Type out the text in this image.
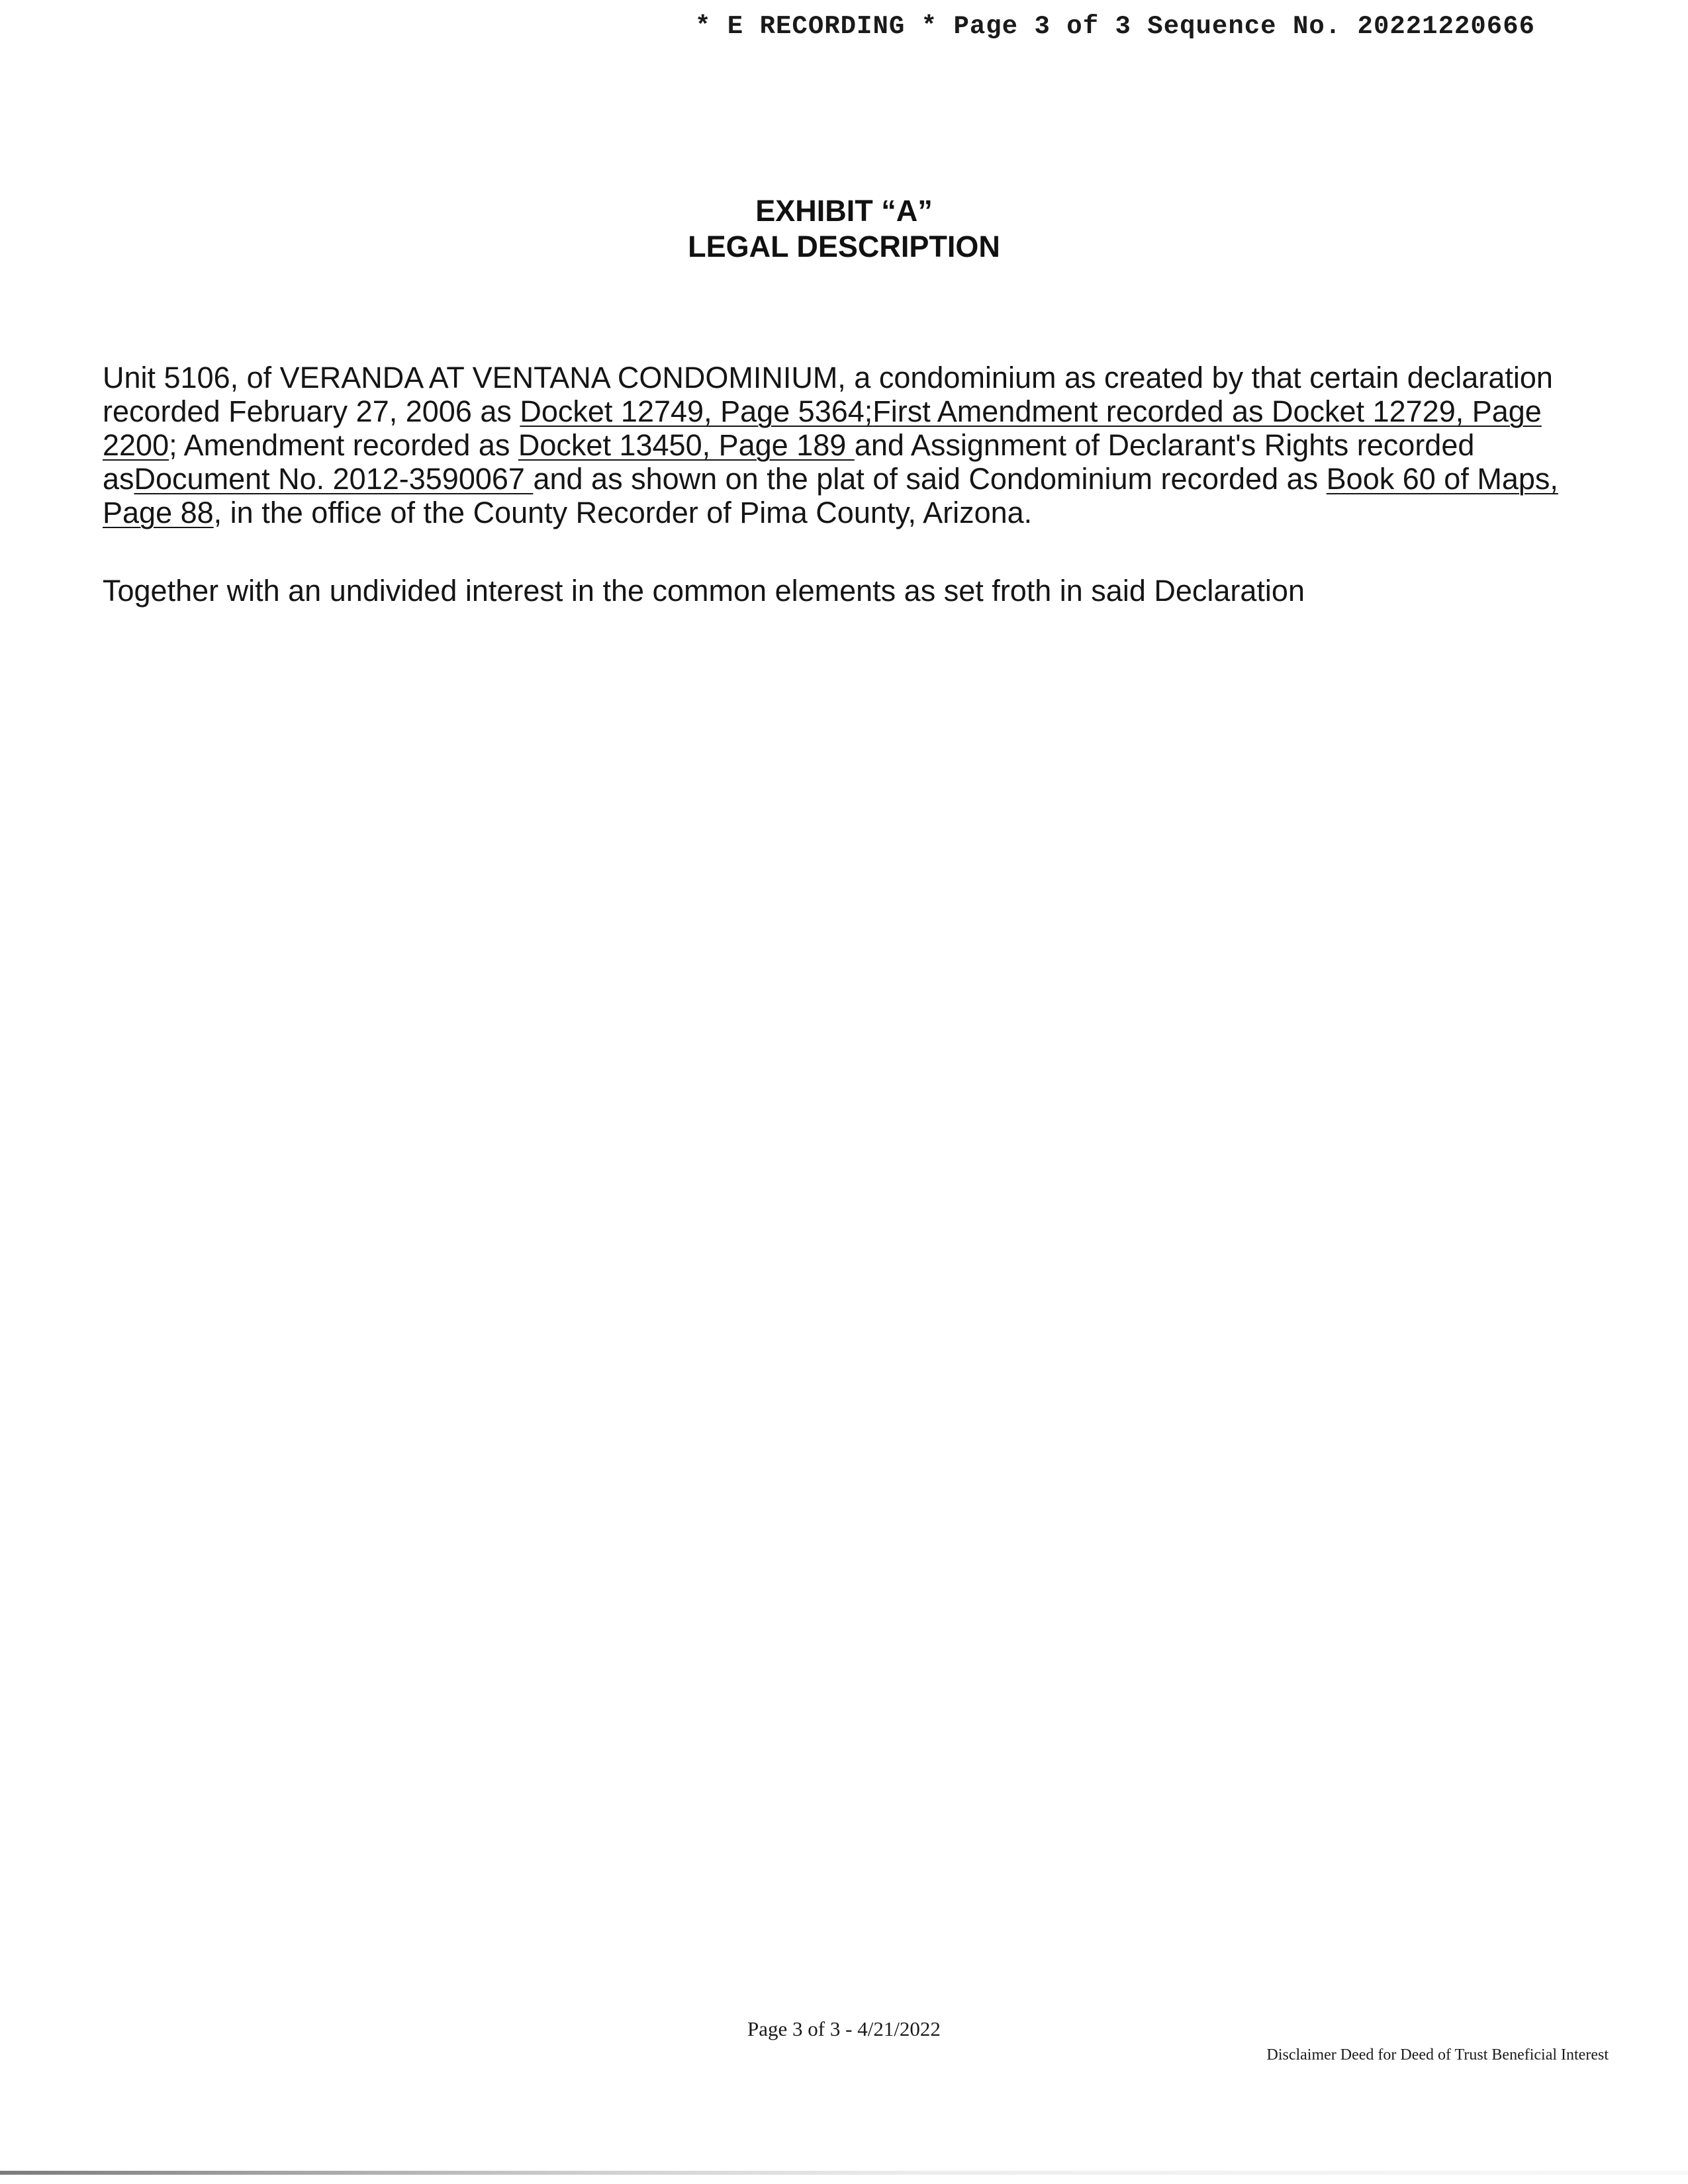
* E RECORDING * Page 3 of 3 Sequence No. 20221220666
EXHIBIT “A”
LEGAL DESCRIPTION

Unit 5106, of VERANDA AT VENTANA CONDOMINIUM, a condominium as created by that certain declaration recorded February 27, 2006 as Docket 12749, Page 5364;First Amendment recorded as Docket 12729, Page 2200; Amendment recorded as Docket 13450, Page 189 and Assignment of Declarant's Rights recorded asDocument No. 2012-3590067 and as shown on the plat of said Condominium recorded as Book 60 of Maps, Page 88, in the office of the County Recorder of Pima County, Arizona.

Together with an undivided interest in the common elements as set froth in said Declaration

Page 3 of 3 - 4/21/2022
Disclaimer Deed for Deed of Trust Beneficial Interest
